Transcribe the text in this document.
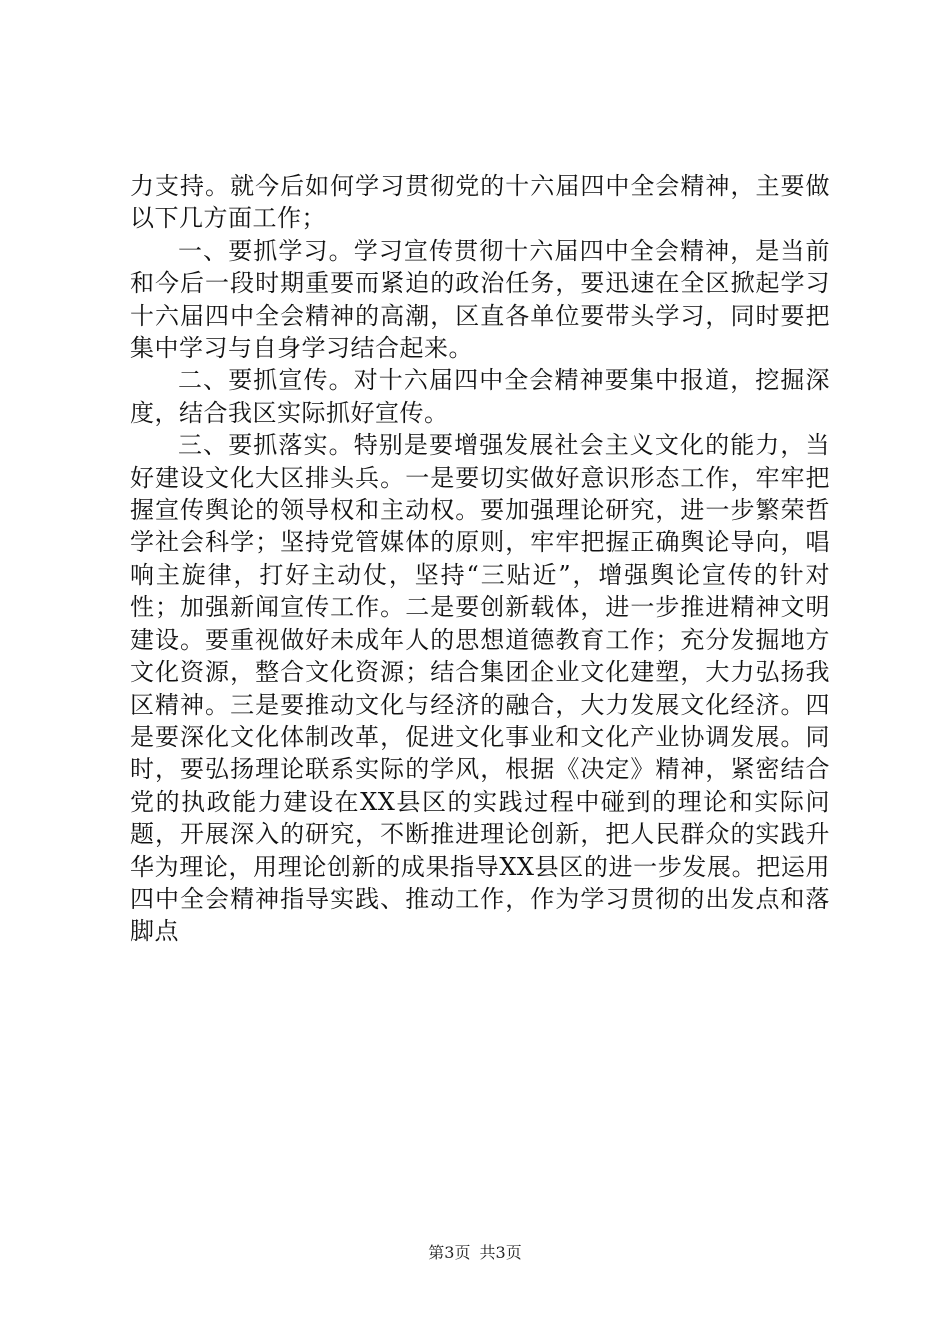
力支持。就今后如何学习贯彻党的十六届四中全会精神，主要做以下几方面工作；

一、要抓学习。学习宣传贯彻十六届四中全会精神，是当前和今后一段时期重要而紧迫的政治任务，要迅速在全区掀起学习十六届四中全会精神的高潮，区直各单位要带头学习，同时要把集中学习与自身学习结合起来。

二、要抓宣传。对十六届四中全会精神要集中报道，挖掘深度，结合我区实际抓好宣传。

三、要抓落实。特别是要增强发展社会主义文化的能力，当好建设文化大区排头兵。一是要切实做好意识形态工作，牢牢把握宣传舆论的领导权和主动权。要加强理论研究，进一步繁荣哲学社会科学；坚持党管媒体的原则，牢牢把握正确舆论导向，唱响主旋律，打好主动仗，坚持“三贴近”，增强舆论宣传的针对性；加强新闻宣传工作。二是要创新载体，进一步推进精神文明建设。要重视做好未成年人的思想道德教育工作；充分发掘地方文化资源，整合文化资源；结合集团企业文化建塑，大力弘扬我区精神。三是要推动文化与经济的融合，大力发展文化经济。四是要深化文化体制改革，促进文化事业和文化产业协调发展。同时，要弘扬理论联系实际的学风，根据《决定》精神，紧密结合党的执政能力建设在XX县区的实践过程中碰到的理论和实际问题，开展深入的研究，不断推进理论创新，把人民群众的实践升华为理论，用理论创新的成果指导XX县区的进一步发展。把运用四中全会精神指导实践、推动工作，作为学习贯彻的出发点和落脚点

第3页 共3页
